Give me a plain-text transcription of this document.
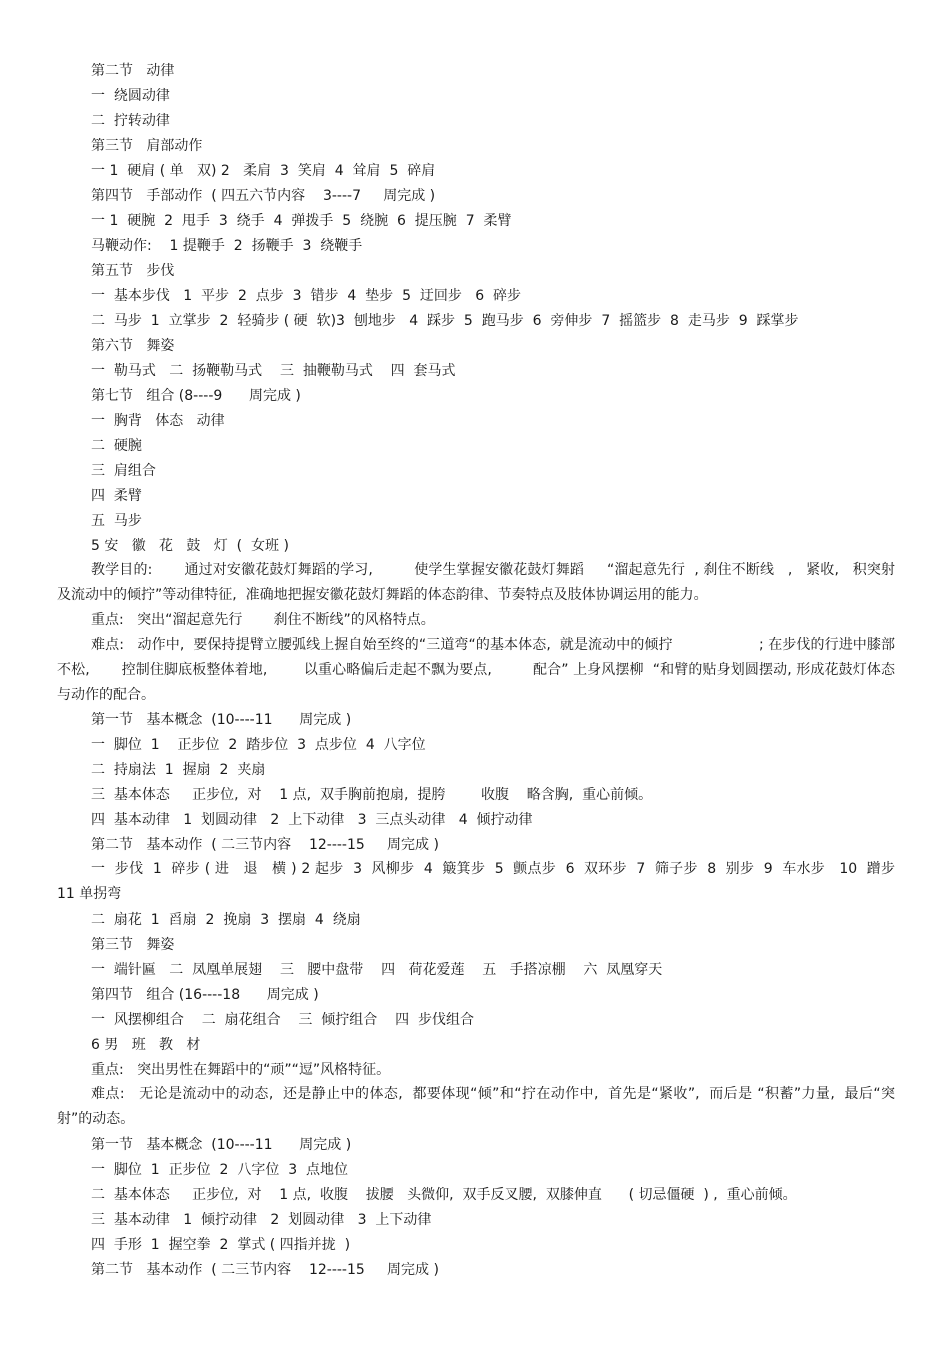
第二节   动律
一  绕圆动律
二  拧转动律
第三节   肩部动作
一 1  硬肩 ( 单   双) 2   柔肩  3  笑肩  4  耸肩  5  碎肩
第四节   手部动作  ( 四五六节内容    3----7     周完成 )
一 1  硬腕  2  甩手  3  绕手  4  弹拨手  5  绕腕  6  提压腕  7  柔臂
马鞭动作:    1 提鞭手  2  扬鞭手  3  绕鞭手
第五节   步伐
一  基本步伐   1  平步  2  点步  3  错步  4  垫步  5  迂回步   6  碎步
二  马步  1  立掌步  2  轻骑步 ( 硬  软)3  刨地步   4  踩步  5  跑马步  6  旁伸步  7  摇篮步  8  走马步  9  踩掌步
第六节   舞姿
一  勒马式   二  扬鞭勒马式    三  抽鞭勒马式    四  套马式
第七节   组合 (8----9      周完成 )
一  胸背   体态   动律
二  硬腕
三  肩组合
四  柔臂
五  马步
5 安   徽   花   鼓   灯  (  女班 )
教学目的:       通过对安徽花鼓灯舞蹈的学习,         使学生掌握安徽花鼓灯舞蹈     “溜起意先行  , 刹住不断线   ,   紧收,   积突射及流动中的倾拧”等动律特征,  准确地把握安徽花鼓灯舞蹈的体态韵律、节奏特点及肢体协调运用的能力。
重点:   突出“溜起意先行       刹住不断线”的风格特点。
难点:   动作中,  要保持提臂立腰弧线上握自始至终的“三道弯“的基本体态,  就是流动中的倾拧                   ; 在步伐的行进中膝部不松,       控制住脚底板整体着地,        以重心略偏后走起不飘为要点,         配合” 上身风摆柳  “和臂的贴身划圆摆动, 形成花鼓灯体态与动作的配合。
第一节   基本概念  (10----11      周完成 )
一  脚位  1    正步位  2  踏步位  3  点步位  4  八字位
二  持扇法  1  握扇  2  夹扇
三  基本体态     正步位,  对    1 点,  双手胸前抱扇,  提胯        收腹    略含胸,  重心前倾。
四  基本动律   1  划圆动律   2  上下动律   3  三点头动律   4  倾拧动律
第二节   基本动作  ( 二三节内容    12----15     周完成 )
一  步伐  1  碎步 ( 进   退   横 ) 2 起步  3  风柳步  4  簸箕步  5  颤点步  6  双环步  7  筛子步  8  别步  9  车水步   10  蹭步  11 单拐弯
二  扇花  1  舀扇  2  挽扇  3  摆扇  4  绕扇
第三节   舞姿
一  端针匾   二  凤凰单展翅    三   腰中盘带    四   荷花爱莲    五   手搭凉棚    六  凤凰穿天
第四节   组合 (16----18      周完成 )
一  风摆柳组合    二  扇花组合    三  倾拧组合    四  步伐组合
6 男   班   教   材
重点:   突出男性在舞蹈中的“顽”“逗”风格特征。
难点:   无论是流动中的动态,  还是静止中的体态,  都要体现“倾”和“拧在动作中,  首先是“紧收”,  而后是 “积蓄”力量,  最后“突射”的动态。
第一节   基本概念  (10----11      周完成 )
一  脚位  1  正步位  2  八字位  3  点地位
二  基本体态     正步位,  对    1 点,  收腹    拔腰   头微仰,  双手反叉腰,  双膝伸直      ( 切忌僵硬  ) ,  重心前倾。
三  基本动律   1  倾拧动律   2  划圆动律   3  上下动律
四  手形  1  握空拳  2  掌式 ( 四指并拢  )
第二节   基本动作  ( 二三节内容    12----15     周完成 )
